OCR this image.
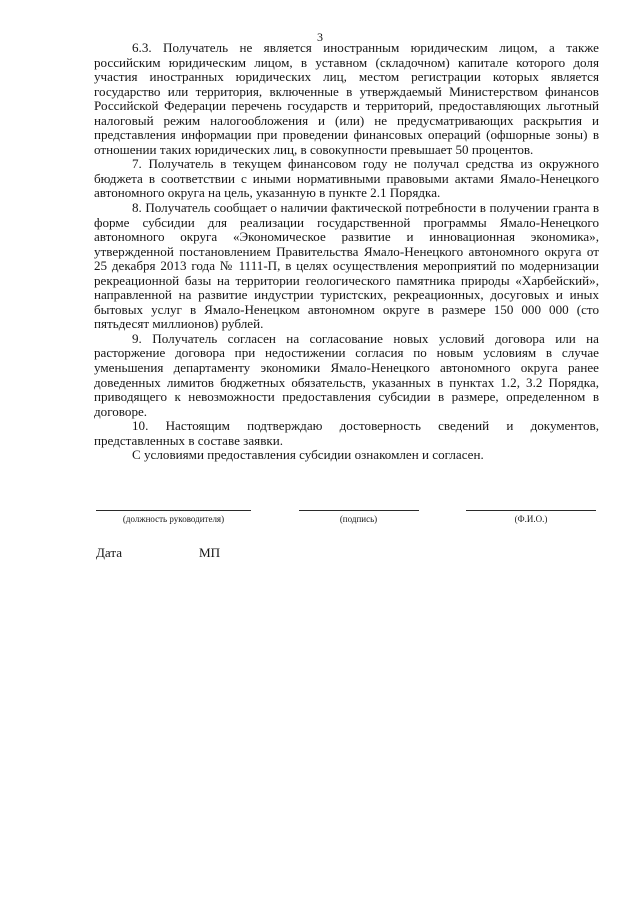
3

6.3. Получатель не является иностранным юридическим лицом, а также российским юридическим лицом, в уставном (складочном) капитале которого доля участия иностранных юридических лиц, местом регистрации которых является государство или территория, включенные в утверждаемый Министерством финансов Российской Федерации перечень государств и территорий, предоставляющих льготный налоговый режим налогообложения и (или) не предусматривающих раскрытия и представления информации при проведении финансовых операций (офшорные зоны) в отношении таких юридических лиц, в совокупности превышает 50 процентов.

7. Получатель в текущем финансовом году не получал средства из окружного бюджета в соответствии с иными нормативными правовыми актами Ямало-Ненецкого автономного округа на цель, указанную в пункте 2.1 Порядка.

8. Получатель сообщает о наличии фактической потребности в получении гранта в форме субсидии для реализации государственной программы Ямало-Ненецкого автономного округа «Экономическое развитие и инновационная экономика», утвержденной постановлением Правительства Ямало-Ненецкого автономного округа от 25 декабря 2013 года № 1111-П, в целях осуществления мероприятий по модернизации рекреационной базы на территории геологического памятника природы «Харбейский», направленной на развитие индустрии туристских, рекреационных, досуговых и иных бытовых услуг в Ямало-Ненецком автономном округе в размере 150 000 000 (сто пятьдесят миллионов) рублей.

9. Получатель согласен на согласование новых условий договора или на расторжение договора при недостижении согласия по новым условиям в случае уменьшения департаменту экономики Ямало-Ненецкого автономного округа ранее доведенных лимитов бюджетных обязательств, указанных в пунктах 1.2, 3.2 Порядка, приводящего к невозможности предоставления субсидии в размере, определенном в договоре.

10. Настоящим подтверждаю достоверность сведений и документов, представленных в составе заявки.

С условиями предоставления субсидии ознакомлен и согласен.

(должность руководителя)	(подпись)	(Ф.И.О.)
Дата	МП
